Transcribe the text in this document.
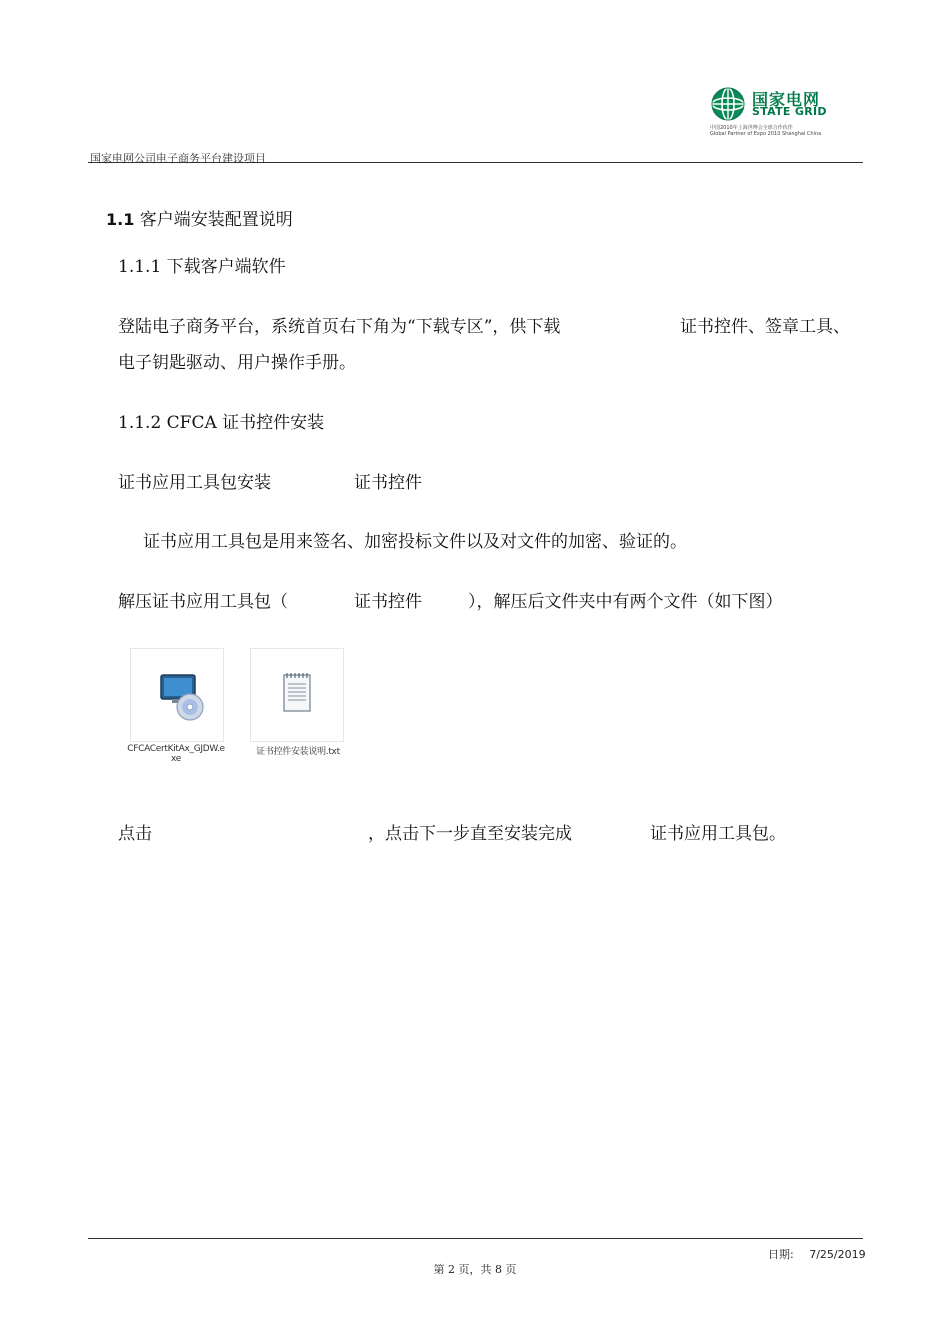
国家电网公司电子商务平台建设项目
国家电网
STATE GRID
中国2010年上海世博会全球合作伙伴
Global Partner of Expo 2010 Shanghai China
1.1 客户端安装配置说明
1.1.1 下载客户端软件
登陆电子商务平台，系统首页右下角为“下载专区”，供下载	证书控件、签章工具、
电子钥匙驱动、用户操作手册。
1.1.2 CFCA 证书控件安装
证书应用工具包安装	证书控件
证书应用工具包是用来签名、加密投标文件以及对文件的加密、验证的。
解压证书应用工具包（	证书控件	），解压后文件夹中有两个文件（如下图）
CFCACertKitAx_GJDW.e
xe
证书控件安装说明.txt
点击	，点击下一步直至安装完成	证书应用工具包。
日期: 7/25/2019
第 2 页，共 8 页
